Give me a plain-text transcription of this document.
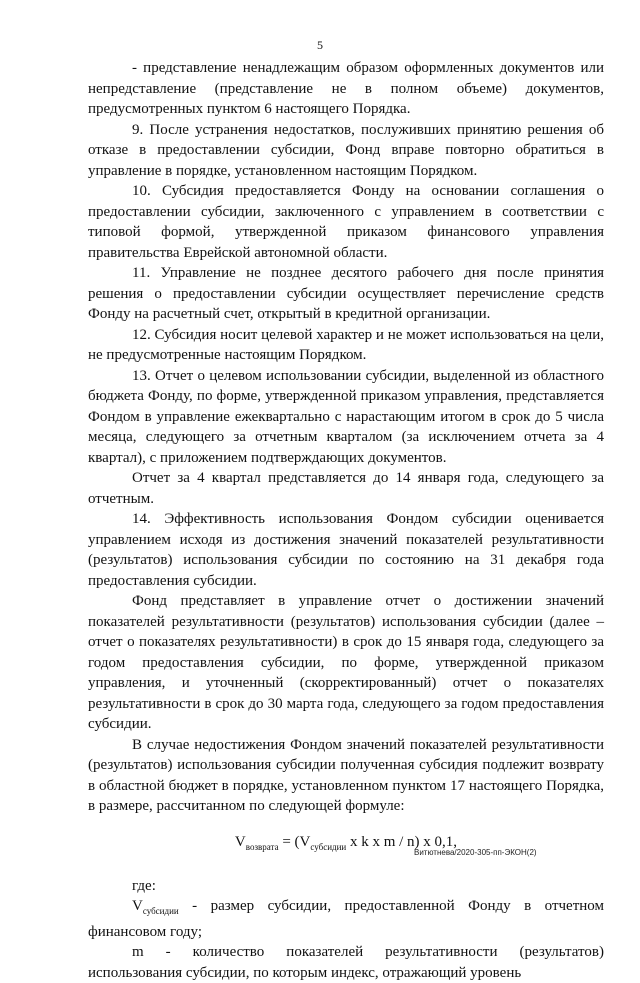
5

- представление ненадлежащим образом оформленных документов или непредставление (представление не в полном объеме) документов, предусмотренных пунктом 6 настоящего Порядка.

9. После устранения недостатков, послуживших принятию решения об отказе в предоставлении субсидии, Фонд вправе повторно обратиться в управление в порядке, установленном настоящим Порядком.

10. Субсидия предоставляется Фонду на основании соглашения о предоставлении субсидии, заключенного с управлением в соответствии с типовой формой, утвержденной приказом финансового управления правительства Еврейской автономной области.

11. Управление не позднее десятого рабочего дня после принятия решения о предоставлении субсидии осуществляет перечисление средств Фонду на расчетный счет, открытый в кредитной организации.

12. Субсидия носит целевой характер и не может использоваться на цели, не предусмотренные настоящим Порядком.

13. Отчет о целевом использовании субсидии, выделенной из областного бюджета Фонду, по форме, утвержденной приказом управления, представляется Фондом в управление ежеквартально с нарастающим итогом в срок до 5 числа месяца, следующего за отчетным кварталом (за исключением отчета за 4 квартал), с приложением подтверждающих документов.

Отчет за 4 квартал представляется до 14 января года, следующего за отчетным.

14. Эффективность использования Фондом субсидии оценивается управлением исходя из достижения значений показателей результативности (результатов) использования субсидии по состоянию на 31 декабря года предоставления субсидии.

Фонд представляет в управление отчет о достижении значений показателей результативности (результатов) использования субсидии (далее – отчет о показателях результативности) в срок до 15 января года, следующего за годом предоставления субсидии, по форме, утвержденной приказом управления, и уточненный (скорректированный) отчет о показателях результативности в срок до 30 марта года, следующего за годом предоставления субсидии.

В случае недостижения Фондом значений показателей результативности (результатов) использования субсидии полученная субсидия подлежит возврату в областной бюджет в порядке, установленном пунктом 17 настоящего Порядка, в размере, рассчитанном по следующей формуле:

$V_{возврата} = (V_{субсидии}$ x k x m / n) x 0,1,

где:

$V_{субсидии}$ - размер субсидии, предоставленной Фонду в отчетном финансовом году;

m - количество показателей результативности (результатов) использования субсидии, по которым индекс, отражающий уровень

Витютнева/2020-305-пп-ЭКОН(2)
